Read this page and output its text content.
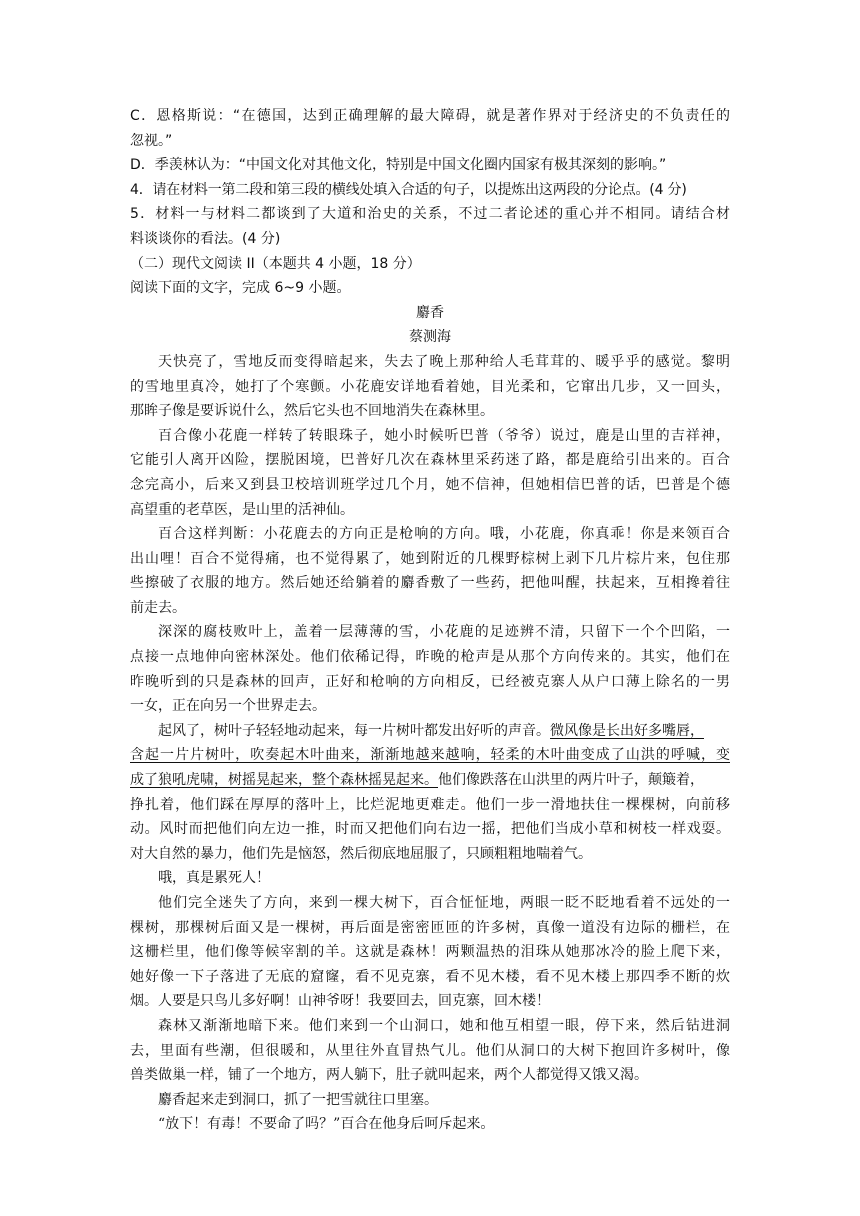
C．恩格斯说：“在德国，达到正确理解的最大障碍，就是著作界对于经济史的不负责任的
忽视。”
D．季羡林认为：“中国文化对其他文化，特别是中国文化圈内国家有极其深刻的影响。”
4．请在材料一第二段和第三段的横线处填入合适的句子，以提炼出这两段的分论点。(4 分)
5．材料一与材料二都谈到了大道和治史的关系，不过二者论述的重心并不相同。请结合材
料谈谈你的看法。(4 分)
（二）现代文阅读 II（本题共 4 小题，18 分）
阅读下面的文字，完成 6~9 小题。
麝香
蔡测海
天快亮了，雪地反而变得暗起来，失去了晚上那种给人毛茸茸的、暖乎乎的感觉。黎明
的雪地里真冷，她打了个寒颤。小花鹿安详地看着她，目光柔和，它窜出几步，又一回头，
那眸子像是要诉说什么，然后它头也不回地消失在森林里。
百合像小花鹿一样转了转眼珠子，她小时候听巴普（爷爷）说过，鹿是山里的吉祥神，
它能引人离开凶险，摆脱困境，巴普好几次在森林里采药迷了路，都是鹿给引出来的。百合
念完高小，后来又到县卫校培训班学过几个月，她不信神，但她相信巴普的话，巴普是个德
高望重的老草医，是山里的活神仙。
百合这样判断：小花鹿去的方向正是枪响的方向。哦，小花鹿，你真乖！你是来领百合
出山哩！百合不觉得痛，也不觉得累了，她到附近的几棵野棕树上剥下几片棕片来，包住那
些擦破了衣服的地方。然后她还给躺着的麝香敷了一些药，把他叫醒，扶起来，互相搀着往
前走去。
深深的腐枝败叶上，盖着一层薄薄的雪，小花鹿的足迹辨不清，只留下一个个凹陷，一
点接一点地伸向密林深处。他们依稀记得，昨晚的枪声是从那个方向传来的。其实，他们在
昨晚听到的只是森林的回声，正好和枪响的方向相反，已经被克寨人从户口薄上除名的一男
一女，正在向另一个世界走去。
起风了，树叶子轻轻地动起来，每一片树叶都发出好听的声音。微风像是长出好多嘴唇，
含起一片片树叶，吹奏起木叶曲来，渐渐地越来越响，轻柔的木叶曲变成了山洪的呼喊，变
成了狼吼虎啸，树摇晃起来，整个森林摇晃起来。他们像跌落在山洪里的两片叶子，颠簸着，
挣扎着，他们踩在厚厚的落叶上，比烂泥地更难走。他们一步一滑地扶住一棵棵树，向前移
动。风时而把他们向左边一推，时而又把他们向右边一摇，把他们当成小草和树枝一样戏耍。
对大自然的暴力，他们先是恼怒，然后彻底地屈服了，只顾粗粗地喘着气。
哦，真是累死人！
他们完全迷失了方向，来到一棵大树下，百合怔怔地，两眼一眨不眨地看着不远处的一
棵树，那棵树后面又是一棵树，再后面是密密匝匝的许多树，真像一道没有边际的栅栏，在
这栅栏里，他们像等候宰割的羊。这就是森林！两颗温热的泪珠从她那冰冷的脸上爬下来，
她好像一下子落进了无底的窟窿，看不见克寨，看不见木楼，看不见木楼上那四季不断的炊
烟。人要是只鸟儿多好啊！山神爷呀！我要回去，回克寨，回木楼！
森林又渐渐地暗下来。他们来到一个山洞口，她和他互相望一眼，停下来，然后钻进洞
去，里面有些潮，但很暖和，从里往外直冒热气儿。他们从洞口的大树下抱回许多树叶，像
兽类做巢一样，铺了一个地方，两人躺下，肚子就叫起来，两个人都觉得又饿又渴。
麝香起来走到洞口，抓了一把雪就往口里塞。
“放下！有毒！不要命了吗？”百合在他身后呵斥起来。
